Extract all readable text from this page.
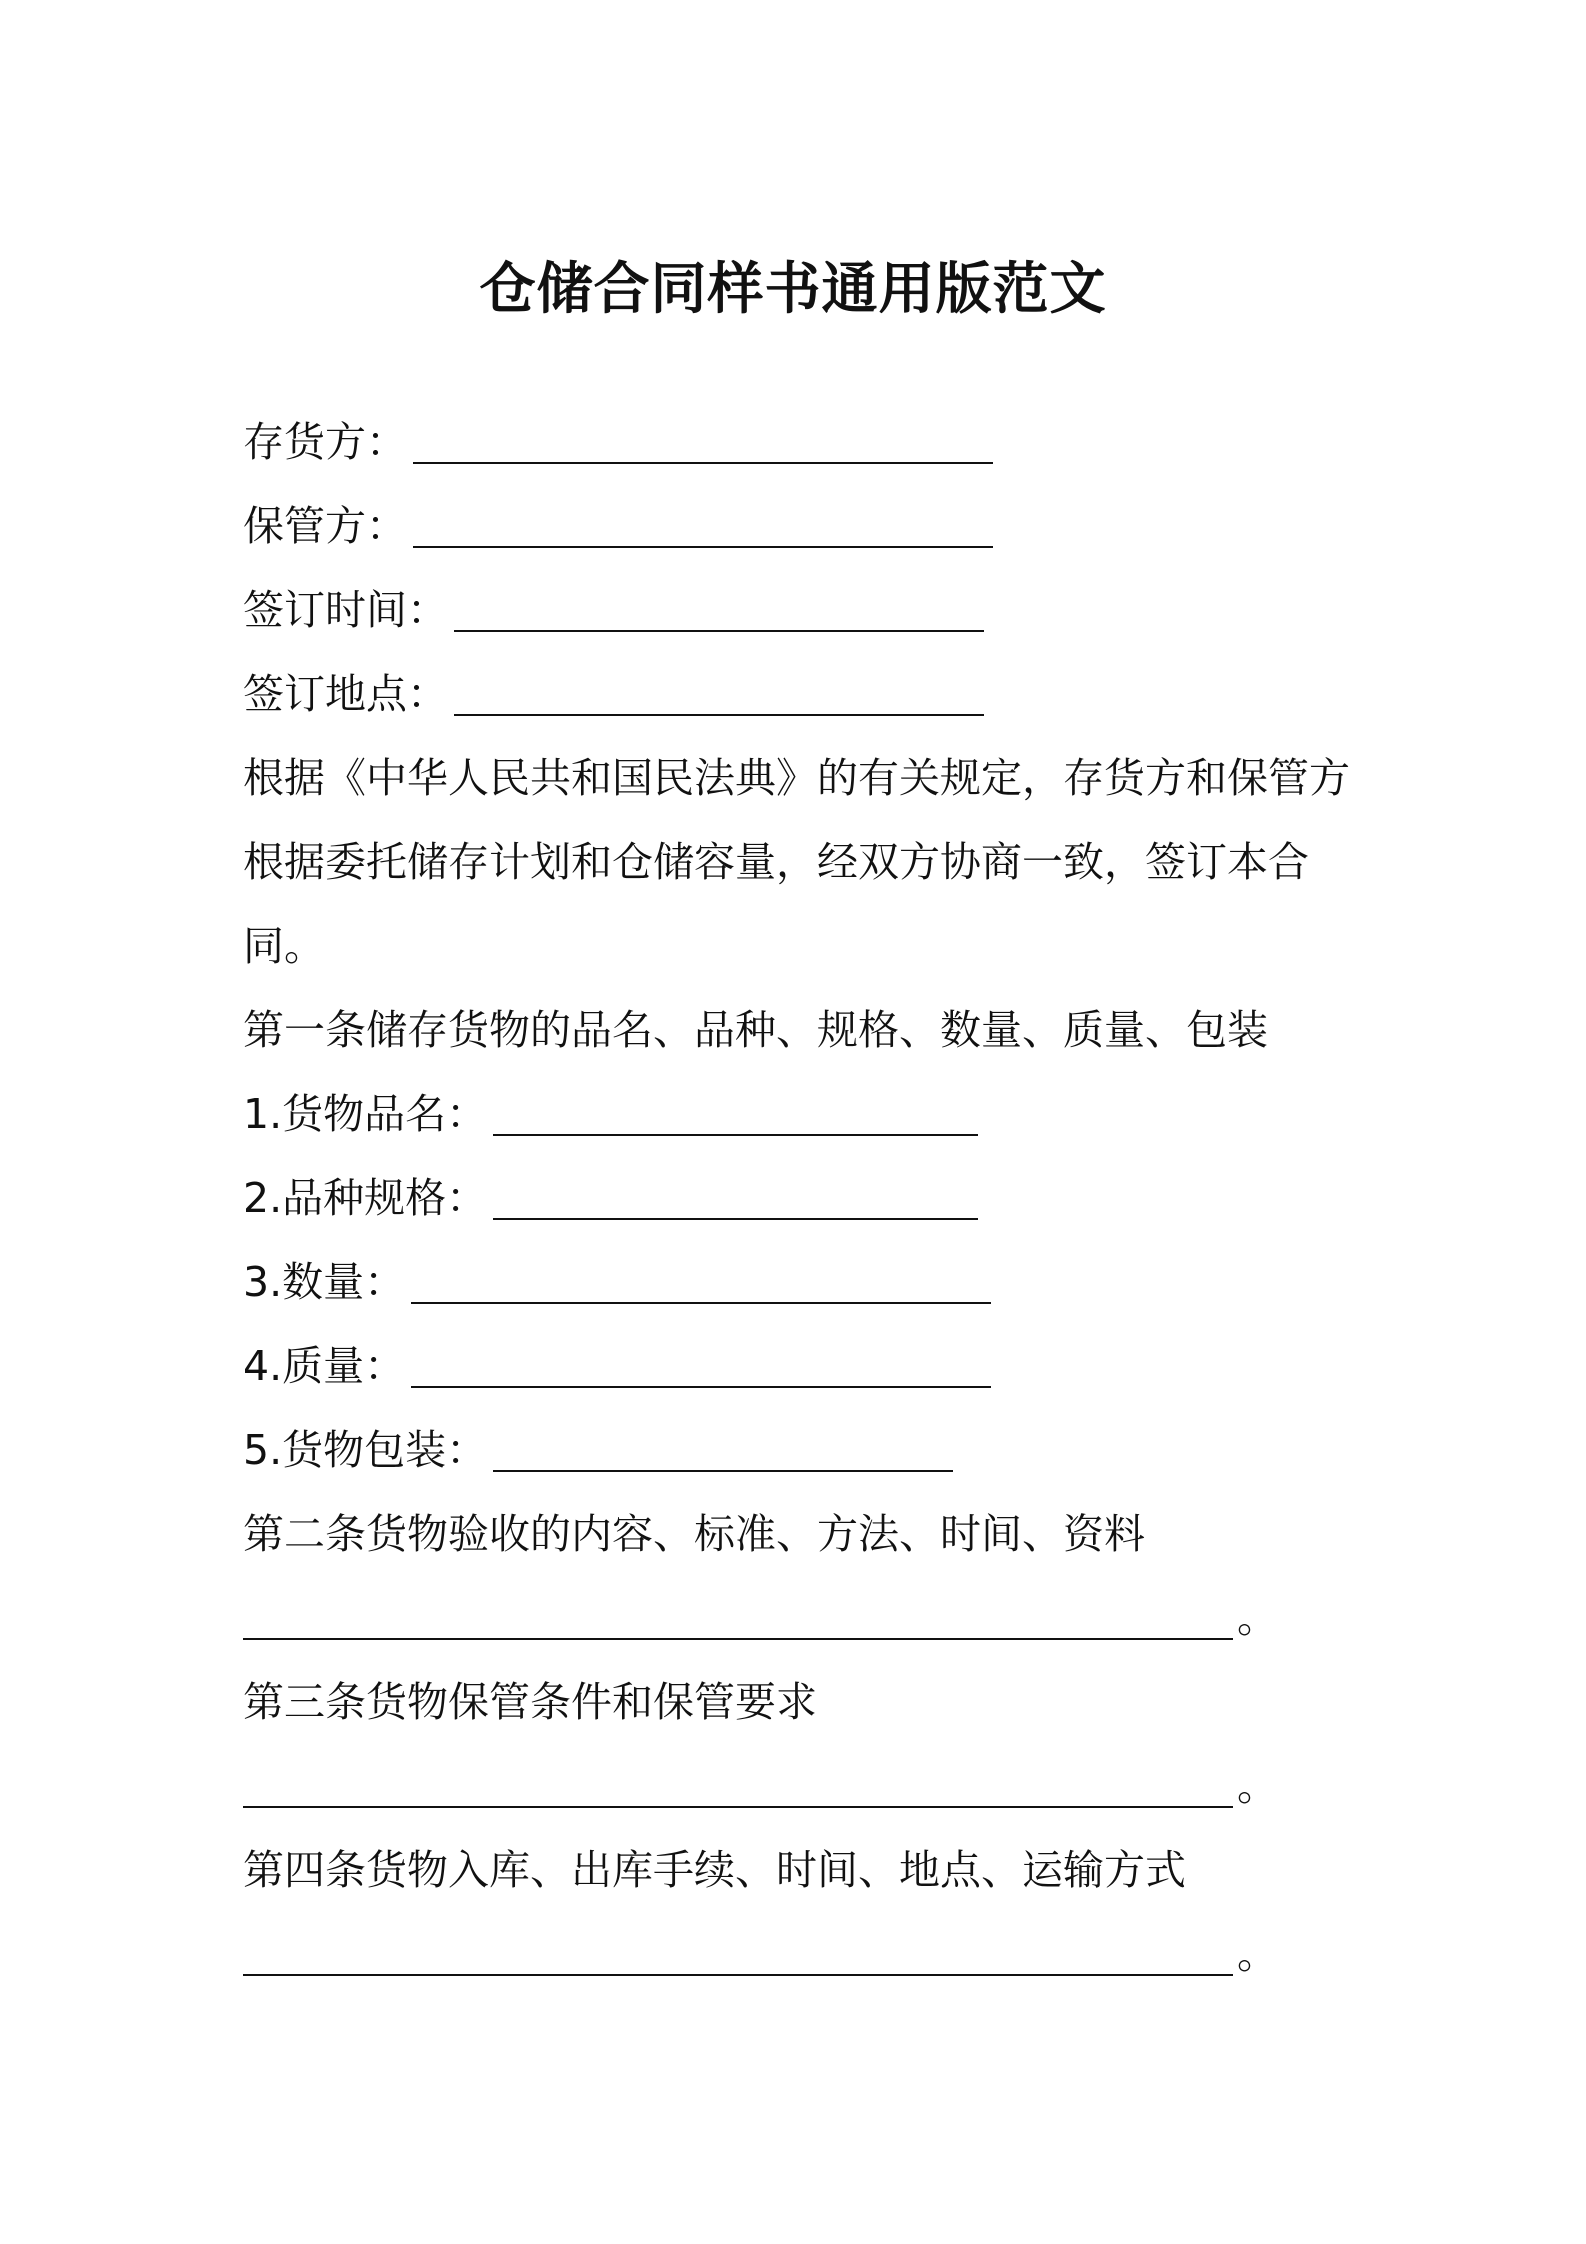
仓储合同样书通用版范文
存货方：
保管方：
签订时间：
签订地点：
根据《中华人民共和国民法典》的有关规定，存货方和保管方根据委托储存计划和仓储容量，经双方协商一致，签订本合同。
第一条储存货物的品名、品种、规格、数量、质量、包装
1.货物品名：
2.品种规格：
3.数量：
4.质量：
5.货物包装：
第二条货物验收的内容、标准、方法、时间、资料
。
第三条货物保管条件和保管要求
。
第四条货物入库、出库手续、时间、地点、运输方式
。
